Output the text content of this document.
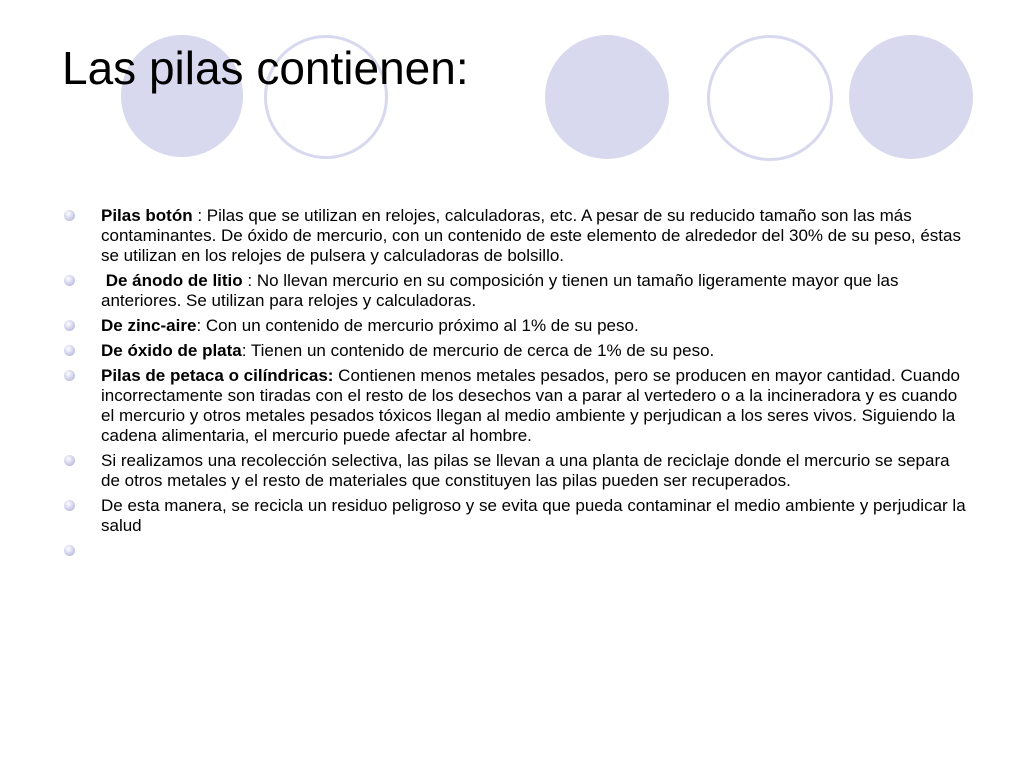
Las pilas contienen:
Pilas botón : Pilas que se utilizan en relojes, calculadoras, etc. A pesar de su reducido tamaño son las más contaminantes. De óxido de mercurio, con un contenido de este elemento de alrededor del 30% de su peso, éstas se utilizan en los relojes de pulsera y calculadoras de bolsillo.
De ánodo de litio : No llevan mercurio en su composición y tienen un tamaño ligeramente mayor que las anteriores. Se utilizan para relojes y calculadoras.
De zinc-aire: Con un contenido de mercurio próximo al 1% de su peso.
De óxido de plata: Tienen un contenido de mercurio de cerca de 1% de su peso.
Pilas de petaca o cilíndricas: Contienen menos metales pesados, pero se producen en mayor cantidad. Cuando incorrectamente son tiradas con el resto de los desechos van a parar al vertedero o a la incineradora y es cuando el mercurio y otros metales pesados tóxicos llegan al medio ambiente y perjudican a los seres vivos. Siguiendo la cadena alimentaria, el mercurio puede afectar al hombre.
Si realizamos una recolección selectiva, las pilas se llevan a una planta de reciclaje donde el mercurio se separa de otros metales y el resto de materiales que constituyen las pilas pueden ser recuperados.
De esta manera, se recicla un residuo peligroso y se evita que pueda contaminar el medio ambiente y perjudicar la salud
